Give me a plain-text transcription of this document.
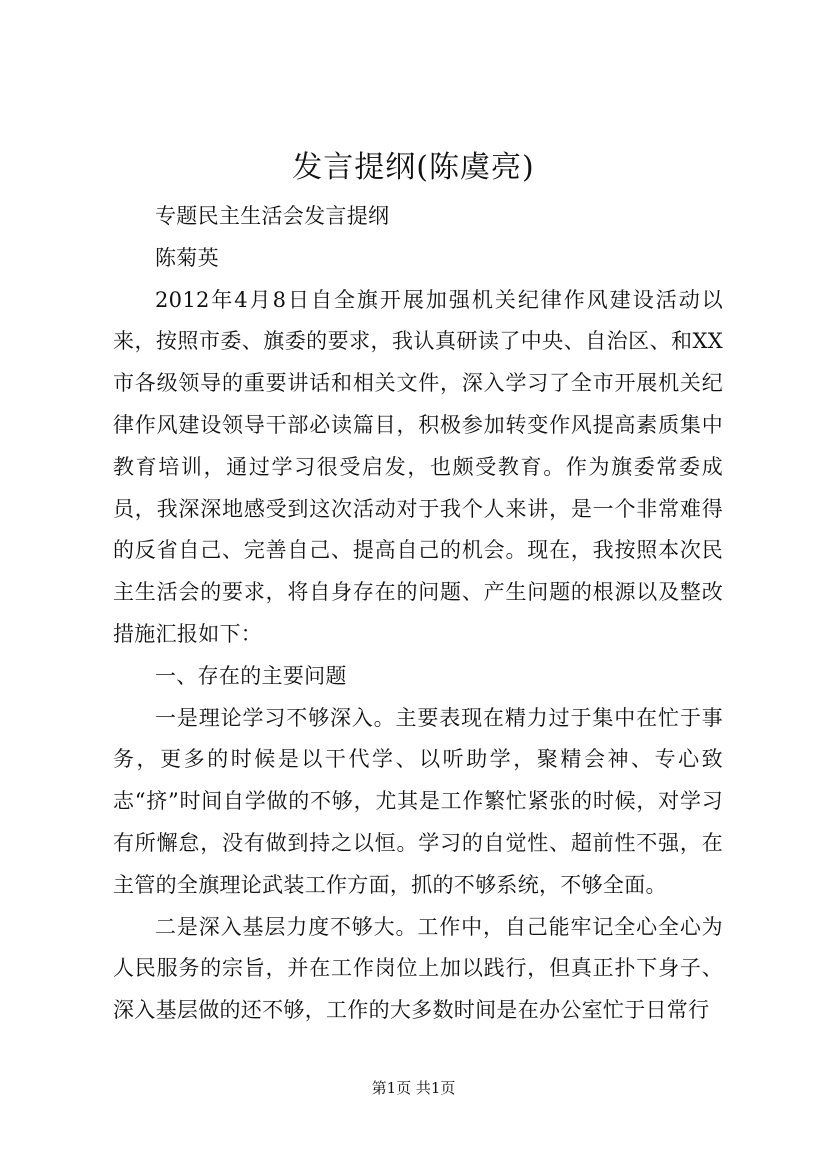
发言提纲(陈虞亮)

专题民主生活会发言提纲

陈菊英

2012年4月8日自全旗开展加强机关纪律作风建设活动以来，按照市委、旗委的要求，我认真研读了中央、自治区、和XX市各级领导的重要讲话和相关文件，深入学习了全市开展机关纪律作风建设领导干部必读篇目，积极参加转变作风提高素质集中教育培训，通过学习很受启发，也颇受教育。作为旗委常委成员，我深深地感受到这次活动对于我个人来讲，是一个非常难得的反省自己、完善自己、提高自己的机会。现在，我按照本次民主生活会的要求，将自身存在的问题、产生问题的根源以及整改措施汇报如下：

一、存在的主要问题

一是理论学习不够深入。主要表现在精力过于集中在忙于事务，更多的时候是以干代学、以听助学，聚精会神、专心致志“挤”时间自学做的不够，尤其是工作繁忙紧张的时候，对学习有所懈怠，没有做到持之以恒。学习的自觉性、超前性不强，在主管的全旗理论武装工作方面，抓的不够系统，不够全面。

二是深入基层力度不够大。工作中，自己能牢记全心全心为人民服务的宗旨，并在工作岗位上加以践行，但真正扑下身子、深入基层做的还不够，工作的大多数时间是在办公室忙于日常行

第1页 共1页
